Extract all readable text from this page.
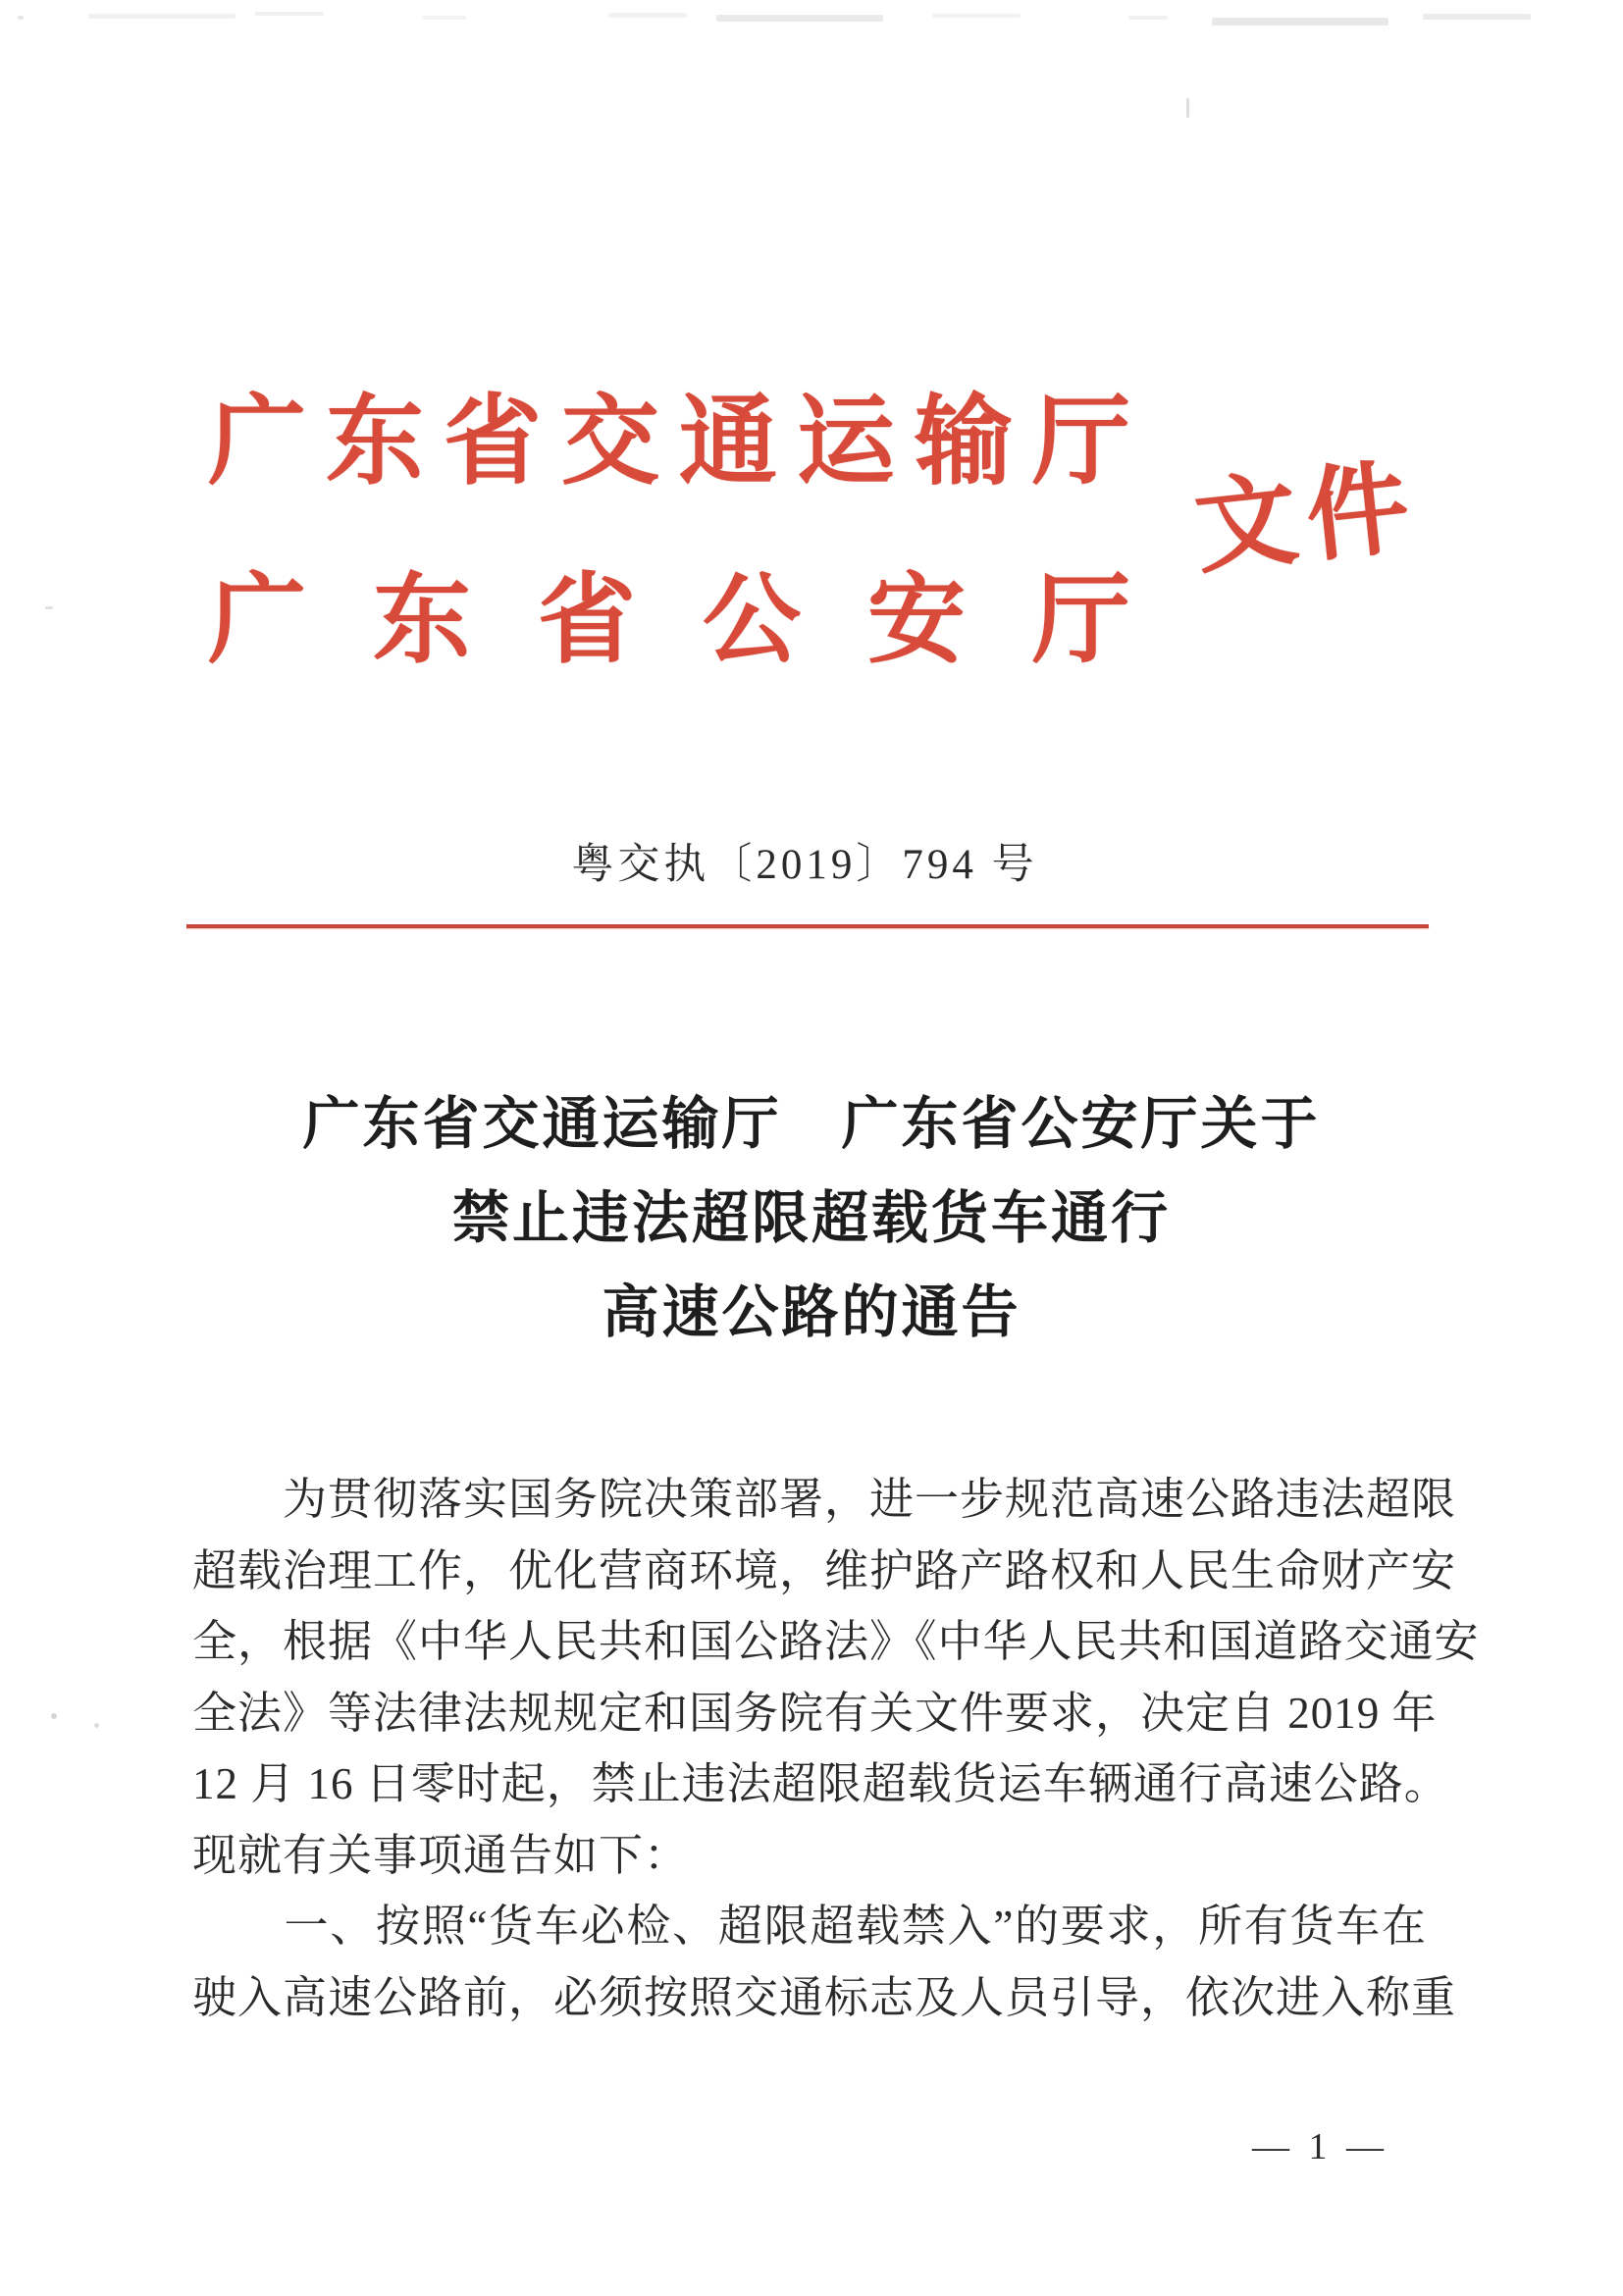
广东省交通运输厅
广东省公安厅
文件
粤交执〔2019〕794 号
广东省交通运输厅　广东省公安厅关于
禁止违法超限超载货车通行
高速公路的通告
　　为贯彻落实国务院决策部署，进一步规范高速公路违法超限
超载治理工作，优化营商环境，维护路产路权和人民生命财产安
全，根据《中华人民共和国公路法》《中华人民共和国道路交通安
全法》等法律法规规定和国务院有关文件要求，决定自 2019 年
12 月 16 日零时起，禁止违法超限超载货运车辆通行高速公路。
现就有关事项通告如下：
　　一、按照“货车必检、超限超载禁入”的要求，所有货车在
驶入高速公路前，必须按照交通标志及人员引导，依次进入称重
— 1 —
